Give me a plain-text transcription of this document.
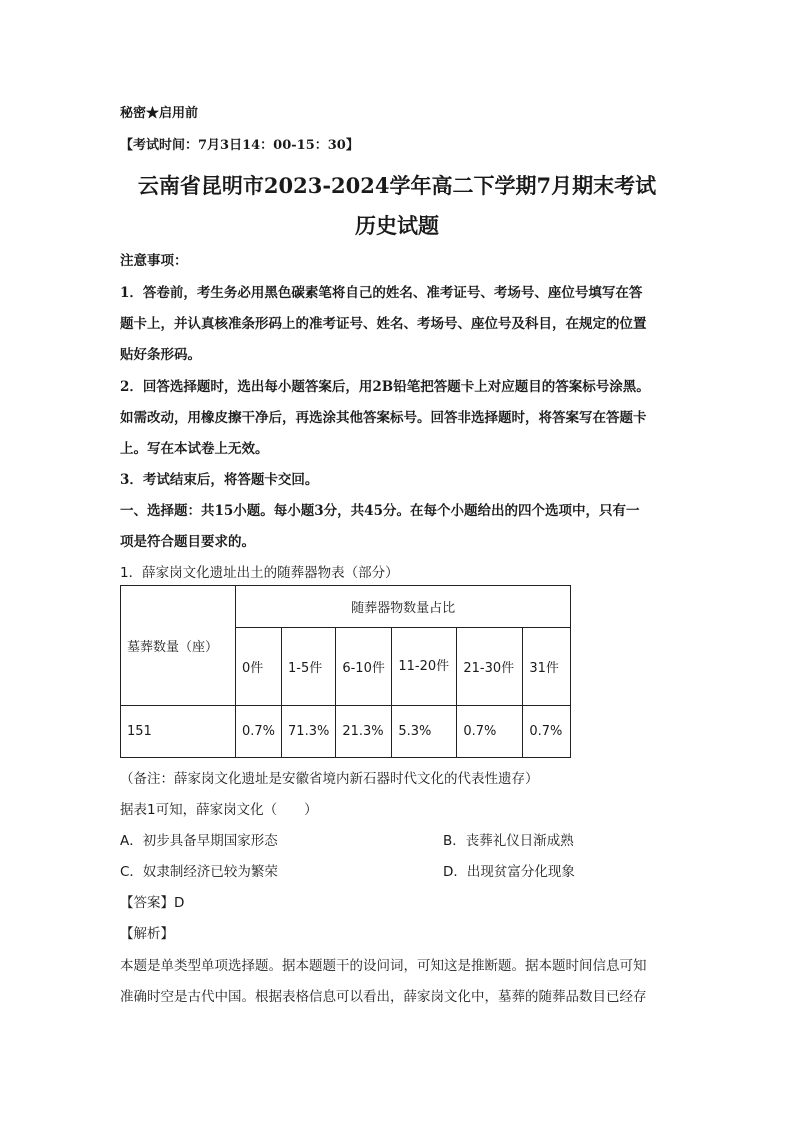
秘密★启用前
【考试时间：7月3日14：00-15：30】
云南省昆明市2023-2024学年高二下学期7月期末考试
历史试题
注意事项：
1．答卷前，考生务必用黑色碳素笔将自己的姓名、准考证号、考场号、座位号填写在答
题卡上，并认真核准条形码上的准考证号、姓名、考场号、座位号及科目，在规定的位置
贴好条形码。
2．回答选择题时，选出每小题答案后，用2B铅笔把答题卡上对应题目的答案标号涂黑。
如需改动，用橡皮擦干净后，再选涂其他答案标号。回答非选择题时，将答案写在答题卡
上。写在本试卷上无效。
3．考试结束后，将答题卡交回。
一、选择题：共15小题。每小题3分，共45分。在每个小题给出的四个选项中，只有一
项是符合题目要求的。
1．薛家岗文化遗址出土的随葬器物表（部分）
墓葬数量（座）	随葬器物数量占比					
	0件	1-5件	6-10件	11-20件	21-30件	31件
151	0.7%	71.3%	21.3%	5.3%	0.7%	0.7%
（备注：薛家岗文化遗址是安徽省境内新石器时代文化的代表性遗存）
据表1可知，薛家岗文化（　　）
A．初步具备早期国家形态	B．丧葬礼仪日渐成熟
C．奴隶制经济已较为繁荣	D．出现贫富分化现象
【答案】D
【解析】
本题是单类型单项选择题。据本题题干的设问词，可知这是推断题。据本题时间信息可知
准确时空是古代中国。根据表格信息可以看出，薛家岗文化中，墓葬的随葬品数目已经存
